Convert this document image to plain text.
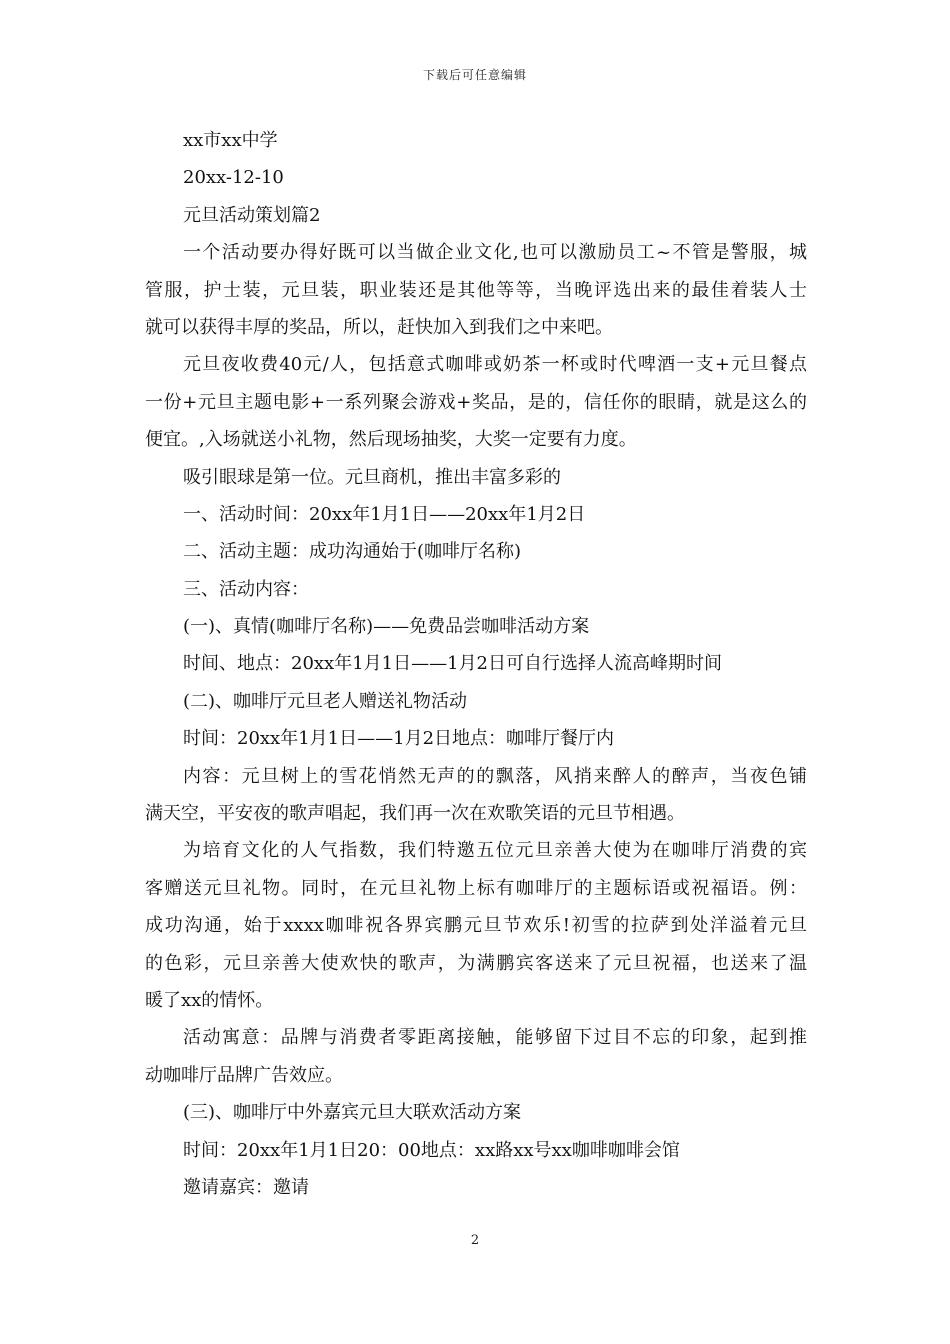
下载后可任意编辑
xx市xx中学
20xx-12-10
元旦活动策划篇2
一个活动要办得好既可以当做企业文化,也可以激励员工~不管是警服，城
管服，护士装，元旦装，职业装还是其他等等，当晚评选出来的最佳着装人士
就可以获得丰厚的奖品，所以，赶快加入到我们之中来吧。
元旦夜收费40元/人，包括意式咖啡或奶茶一杯或时代啤酒一支+元旦餐点
一份+元旦主题电影+一系列聚会游戏+奖品，是的，信任你的眼睛，就是这么的
便宜。,入场就送小礼物，然后现场抽奖，大奖一定要有力度。
吸引眼球是第一位。元旦商机，推出丰富多彩的
一、活动时间：20xx年1月1日——20xx年1月2日
二、活动主题：成功沟通始于(咖啡厅名称)
三、活动内容：
(一)、真情(咖啡厅名称)——免费品尝咖啡活动方案
时间、地点：20xx年1月1日——1月2日可自行选择人流高峰期时间
(二)、咖啡厅元旦老人赠送礼物活动
时间：20xx年1月1日——1月2日地点：咖啡厅餐厅内
内容：元旦树上的雪花悄然无声的的飘落，风捎来醉人的醉声，当夜色铺
满天空，平安夜的歌声唱起，我们再一次在欢歌笑语的元旦节相遇。
为培育文化的人气指数，我们特邀五位元旦亲善大使为在咖啡厅消费的宾
客赠送元旦礼物。同时，在元旦礼物上标有咖啡厅的主题标语或祝福语。例：
成功沟通，始于xxxx咖啡祝各界宾鹏元旦节欢乐!初雪的拉萨到处洋溢着元旦
的色彩，元旦亲善大使欢快的歌声，为满鹏宾客送来了元旦祝福，也送来了温
暖了xx的情怀。
活动寓意：品牌与消费者零距离接触，能够留下过目不忘的印象，起到推
动咖啡厅品牌广告效应。
(三)、咖啡厅中外嘉宾元旦大联欢活动方案
时间：20xx年1月1日20：00地点：xx路xx号xx咖啡咖啡会馆
邀请嘉宾：邀请
2
